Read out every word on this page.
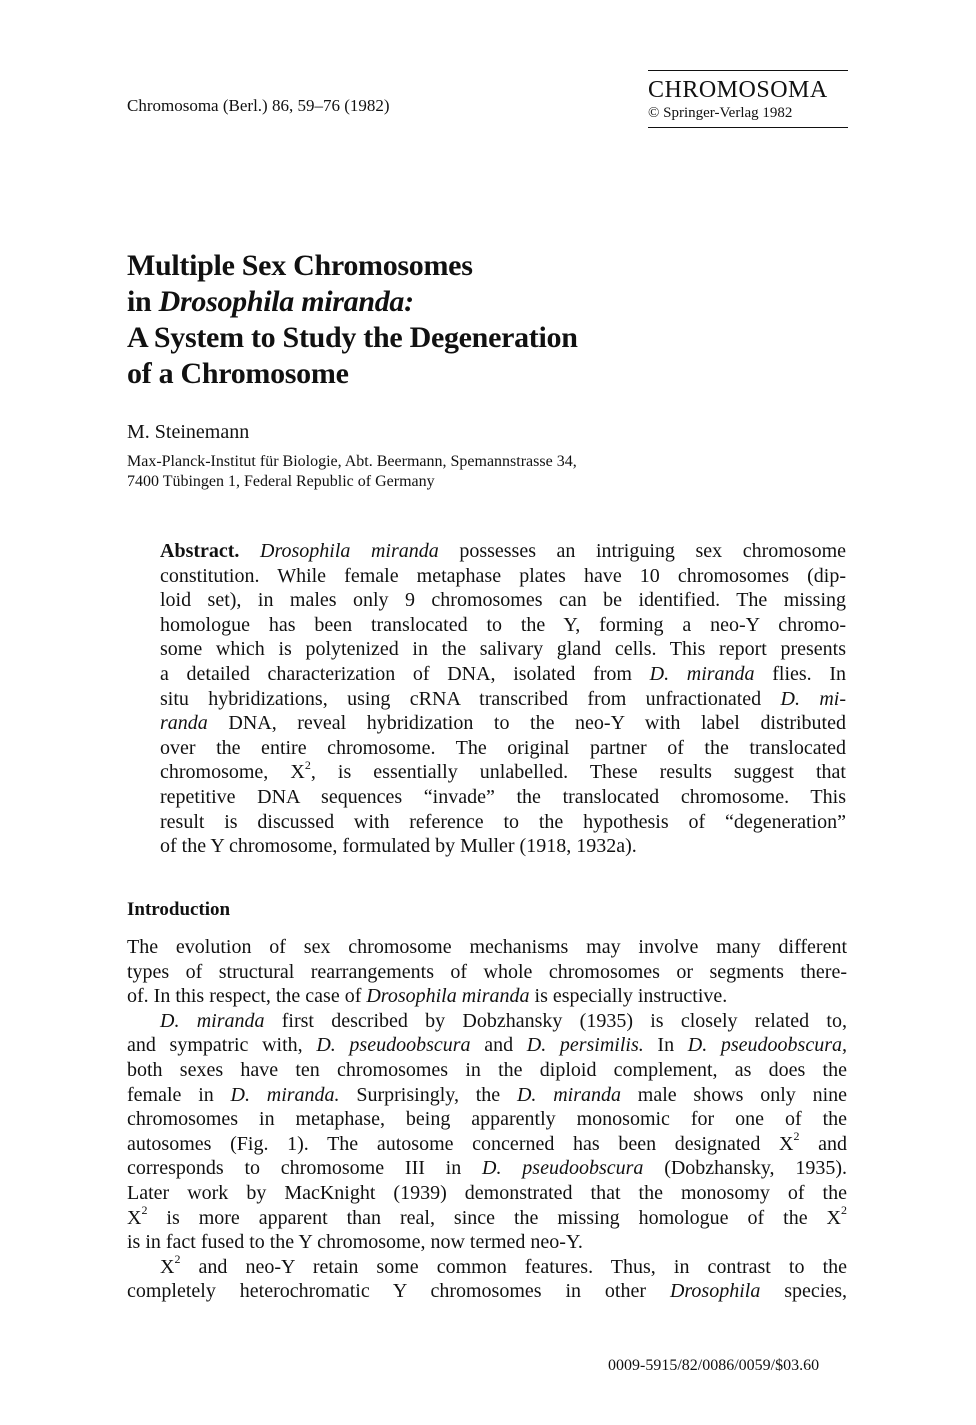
Chromosoma (Berl.) 86, 59–76 (1982)
CHROMOSOMA
© Springer-Verlag 1982
Multiple Sex Chromosomes
in Drosophila miranda:
A System to Study the Degeneration
of a Chromosome
M. Steinemann
Max-Planck-Institut für Biologie, Abt. Beermann, Spemannstrasse 34,
7400 Tübingen 1, Federal Republic of Germany
Abstract. Drosophila miranda possesses an intriguing sex chromosome
constitution. While female metaphase plates have 10 chromosomes (dip-
loid set), in males only 9 chromosomes can be identified. The missing
homologue has been translocated to the Y, forming a neo-Y chromo-
some which is polytenized in the salivary gland cells. This report presents
a detailed characterization of DNA, isolated from D. miranda flies. In
situ hybridizations, using cRNA transcribed from unfractionated D. mi-
randa DNA, reveal hybridization to the neo-Y with label distributed
over the entire chromosome. The original partner of the translocated
chromosome, $X^2$, is essentially unlabelled. These results suggest that
repetitive DNA sequences “invade” the translocated chromosome. This
result is discussed with reference to the hypothesis of “degeneration”
of the Y chromosome, formulated by Muller (1918, 1932a).
Introduction
The evolution of sex chromosome mechanisms may involve many different
types of structural rearrangements of whole chromosomes or segments there-
of. In this respect, the case of Drosophila miranda is especially instructive.
D. miranda first described by Dobzhansky (1935) is closely related to,
and sympatric with, D. pseudoobscura and D. persimilis. In D. pseudoobscura,
both sexes have ten chromosomes in the diploid complement, as does the
female in D. miranda. Surprisingly, the D. miranda male shows only nine
chromosomes in metaphase, being apparently monosomic for one of the
autosomes (Fig. 1). The autosome concerned has been designated $X^2$ and
corresponds to chromosome III in D. pseudoobscura (Dobzhansky, 1935).
Later work by MacKnight (1939) demonstrated that the monosomy of the
$X^2$ is more apparent than real, since the missing homologue of the $X^2$
is in fact fused to the Y chromosome, now termed neo-Y.
$X^2$ and neo-Y retain some common features. Thus, in contrast to the
completely heterochromatic Y chromosomes in other Drosophila species,
0009-5915/82/0086/0059/$03.60
